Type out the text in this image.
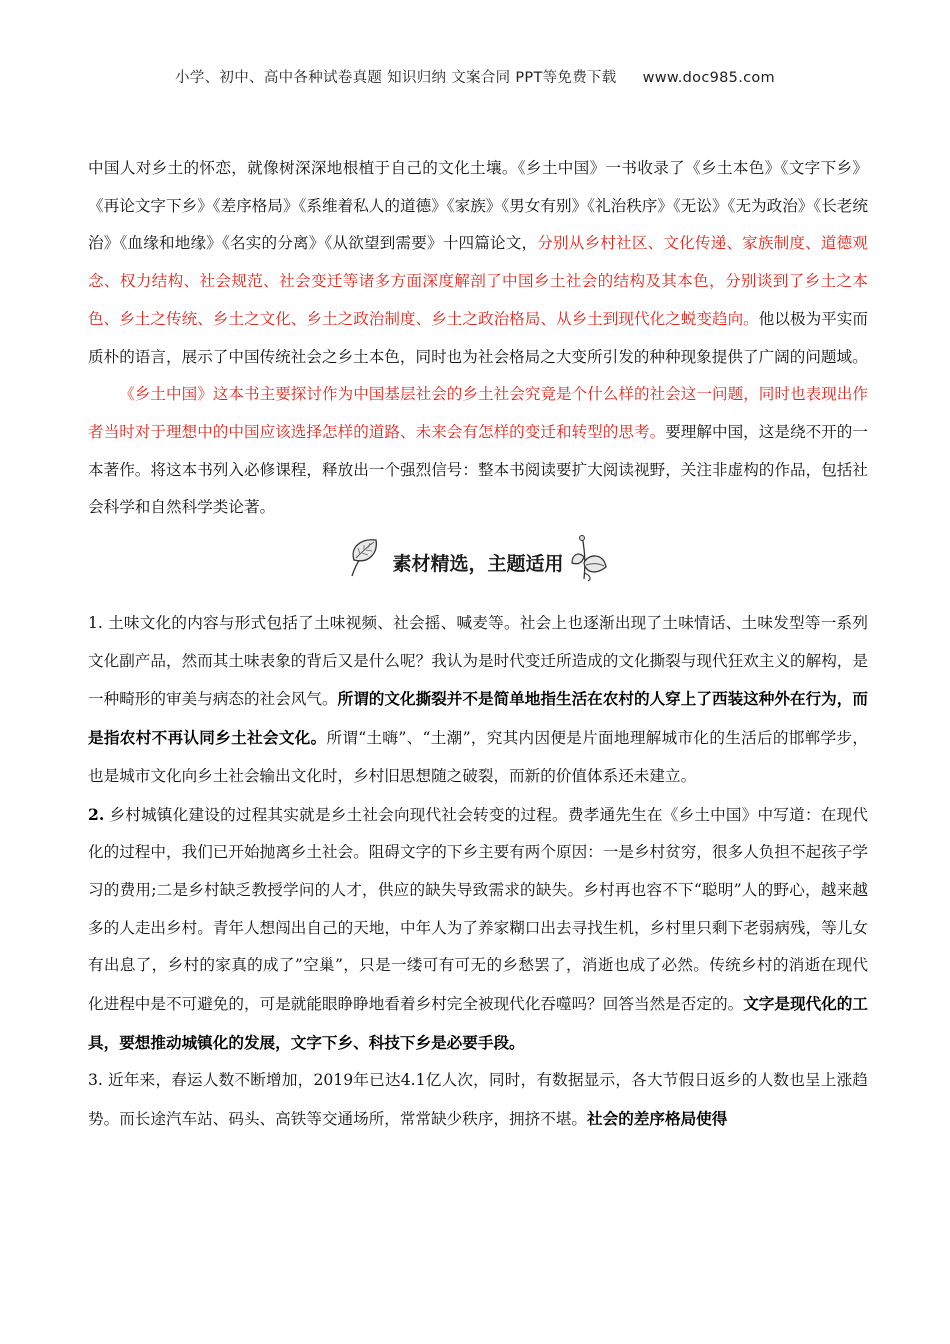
小学、初中、高中各种试卷真题 知识归纳 文案合同 PPT等免费下载 www.doc985.com

中国人对乡土的怀恋，就像树深深地根植于自己的文化土壤。《乡土中国》一书收录了《乡土本色》《文字下乡》《再论文字下乡》《差序格局》《系维着私人的道德》《家族》《男女有别》《礼治秩序》《无讼》《无为政治》《长老统治》《血缘和地缘》《名实的分离》《从欲望到需要》十四篇论文，分别从乡村社区、文化传递、家族制度、道德观念、权力结构、社会规范、社会变迁等诸多方面深度解剖了中国乡土社会的结构及其本色，分别谈到了乡土之本色、乡土之传统、乡土之文化、乡土之政治制度、乡土之政治格局、从乡土到现代化之蜕变趋向。他以极为平实而质朴的语言，展示了中国传统社会之乡土本色，同时也为社会格局之大变所引发的种种现象提供了广阔的问题域。

《乡土中国》这本书主要探讨作为中国基层社会的乡土社会究竟是个什么样的社会这一问题，同时也表现出作者当时对于理想中的中国应该选择怎样的道路、未来会有怎样的变迁和转型的思考。要理解中国，这是绕不开的一本著作。将这本书列入必修课程，释放出一个强烈信号：整本书阅读要扩大阅读视野，关注非虚构的作品，包括社会科学和自然科学类论著。

素材精选，主题适用

1. 土味文化的内容与形式包括了土味视频、社会摇、喊麦等。社会上也逐渐出现了土味情话、土味发型等一系列文化副产品，然而其土味表象的背后又是什么呢？我认为是时代变迁所造成的文化撕裂与现代狂欢主义的解构，是一种畸形的审美与病态的社会风气。所谓的文化撕裂并不是简单地指生活在农村的人穿上了西装这种外在行为，而是指农村不再认同乡土社会文化。所谓“土嗨”、“土潮”，究其内因便是片面地理解城市化的生活后的邯郸学步，也是城市文化向乡土社会输出文化时，乡村旧思想随之破裂，而新的价值体系还未建立。

2. 乡村城镇化建设的过程其实就是乡土社会向现代社会转变的过程。费孝通先生在《乡土中国》中写道：在现代化的过程中，我们已开始抛离乡土社会。阻碍文字的下乡主要有两个原因：一是乡村贫穷，很多人负担不起孩子学习的费用;二是乡村缺乏教授学问的人才，供应的缺失导致需求的缺失。乡村再也容不下“聪明”人的野心，越来越多的人走出乡村。青年人想闯出自己的天地，中年人为了养家糊口出去寻找生机，乡村里只剩下老弱病残，等儿女有出息了，乡村的家真的成了”空巢”，只是一缕可有可无的乡愁罢了，消逝也成了必然。传统乡村的消逝在现代化进程中是不可避免的，可是就能眼睁睁地看着乡村完全被现代化吞噬吗？回答当然是否定的。文字是现代化的工具，要想推动城镇化的发展，文字下乡、科技下乡是必要手段。

3. 近年来，春运人数不断增加，2019年已达4.1亿人次，同时，有数据显示，各大节假日返乡的人数也呈上涨趋势。而长途汽车站、码头、高铁等交通场所，常常缺少秩序，拥挤不堪。社会的差序格局使得
